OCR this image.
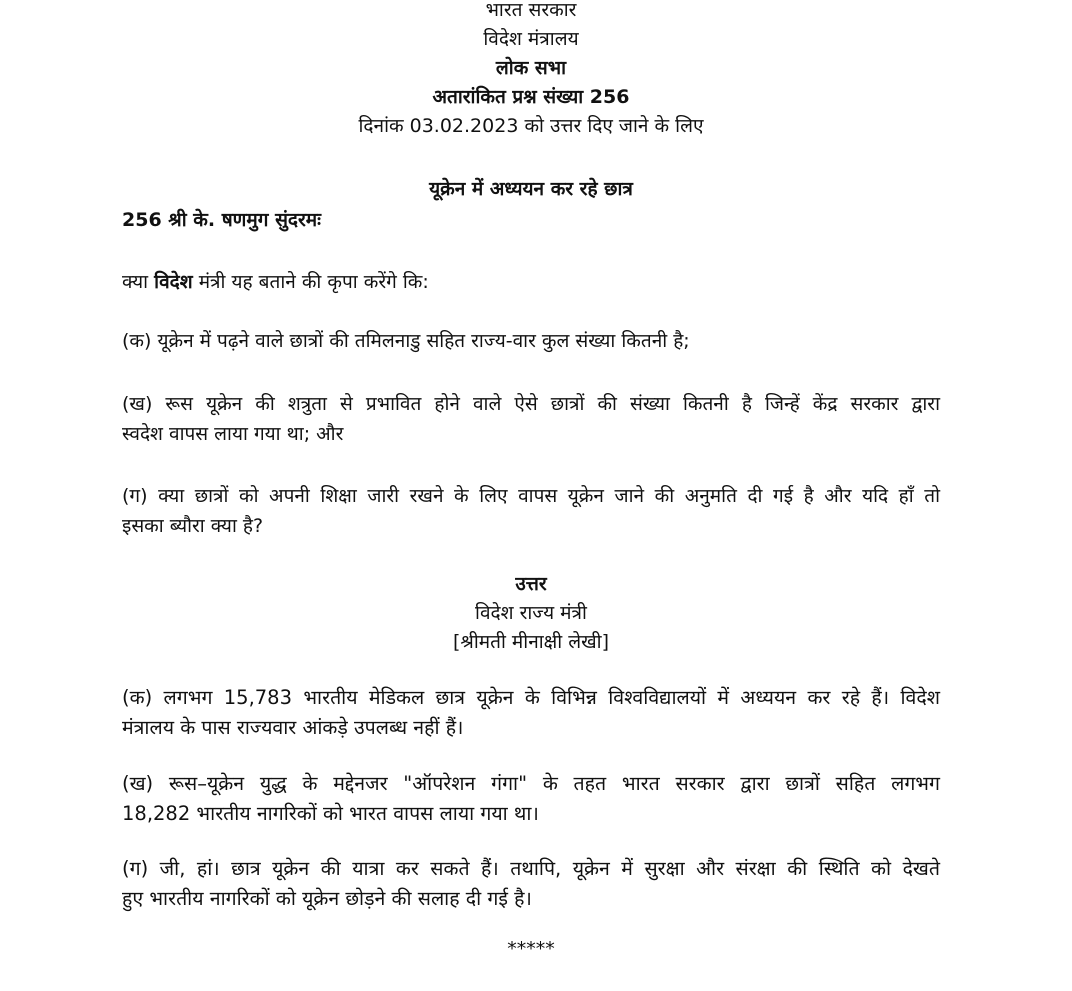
भारत सरकार
विदेश मंत्रालय
लोक सभा
अतारांकित प्रश्न संख्या 256
दिनांक 03.02.2023 को उत्तर दिए जाने के लिए
यूक्रेन में अध्ययन कर रहे छात्र
256 श्री के. षणमुग सुंदरमः
क्या विदेश मंत्री यह बताने की कृपा करेंगे कि:
(क) यूक्रेन में पढ़ने वाले छात्रों की तमिलनाडु सहित राज्य-वार कुल संख्या कितनी है;
(ख) रूस यूक्रेन की शत्रुता से प्रभावित होने वाले ऐसे छात्रों की संख्या कितनी है जिन्हें केंद्र सरकार द्वारा
स्वदेश वापस लाया गया था; और
(ग) क्या छात्रों को अपनी शिक्षा जारी रखने के लिए वापस यूक्रेन जाने की अनुमति दी गई है और यदि हाँ तो
इसका ब्यौरा क्या है?
उत्तर
विदेश राज्य मंत्री
[श्रीमती मीनाक्षी लेखी]
(क) लगभग 15,783 भारतीय मेडिकल छात्र यूक्रेन के विभिन्न विश्वविद्यालयों में अध्ययन कर रहे हैं। विदेश
मंत्रालय के पास राज्यवार आंकड़े उपलब्ध नहीं हैं।
(ख) रूस–यूक्रेन युद्ध के मद्देनजर "ऑपरेशन गंगा" के तहत भारत सरकार द्वारा छात्रों सहित लगभग
18,282 भारतीय नागरिकों को भारत वापस लाया गया था।
(ग) जी, हां। छात्र यूक्रेन की यात्रा कर सकते हैं। तथापि, यूक्रेन में सुरक्षा और संरक्षा की स्थिति को देखते
हुए भारतीय नागरिकों को यूक्रेन छोड़ने की सलाह दी गई है।
*****
